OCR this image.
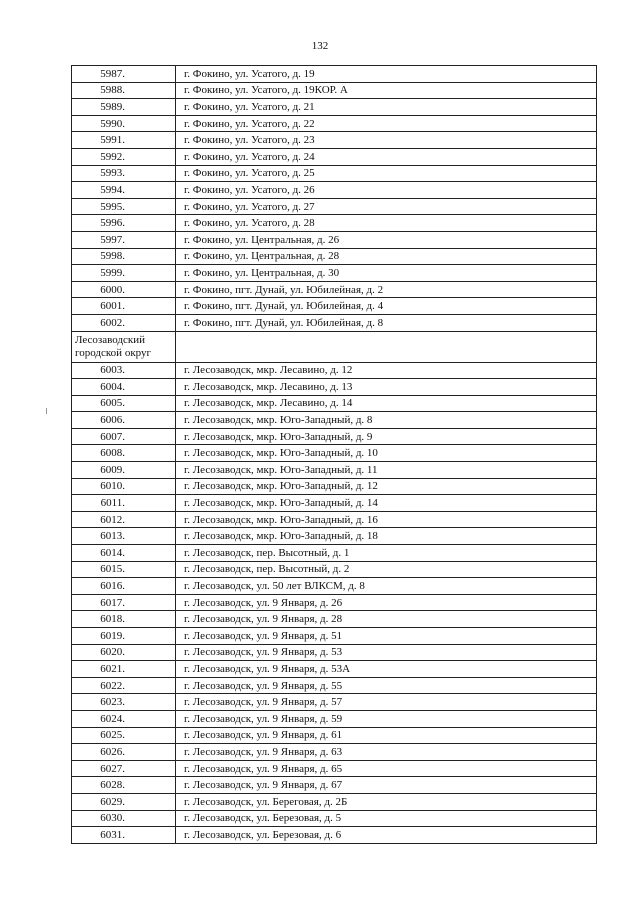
132
5987.	г. Фокино, ул. Усатого, д. 19
5988.	г. Фокино, ул. Усатого, д. 19КОР. А
5989.	г. Фокино, ул. Усатого, д. 21
5990.	г. Фокино, ул. Усатого, д. 22
5991.	г. Фокино, ул. Усатого, д. 23
5992.	г. Фокино, ул. Усатого, д. 24
5993.	г. Фокино, ул. Усатого, д. 25
5994.	г. Фокино, ул. Усатого, д. 26
5995.	г. Фокино, ул. Усатого, д. 27
5996.	г. Фокино, ул. Усатого, д. 28
5997.	г. Фокино, ул. Центральная, д. 26
5998.	г. Фокино, ул. Центральная, д. 28
5999.	г. Фокино, ул. Центральная, д. 30
6000.	г. Фокино, пгт. Дунай, ул. Юбилейная, д. 2
6001.	г. Фокино, пгт. Дунай, ул. Юбилейная, д. 4
6002.	г. Фокино, пгт. Дунай, ул. Юбилейная, д. 8
Лесозаводский городской округ	
6003.	г. Лесозаводск, мкр. Лесавино, д. 12
6004.	г. Лесозаводск, мкр. Лесавино, д. 13
6005.	г. Лесозаводск, мкр. Лесавино, д. 14
6006.	г. Лесозаводск, мкр. Юго-Западный, д. 8
6007.	г. Лесозаводск, мкр. Юго-Западный, д. 9
6008.	г. Лесозаводск, мкр. Юго-Западный, д. 10
6009.	г. Лесозаводск, мкр. Юго-Западный, д. 11
6010.	г. Лесозаводск, мкр. Юго-Западный, д. 12
6011.	г. Лесозаводск, мкр. Юго-Западный, д. 14
6012.	г. Лесозаводск, мкр. Юго-Западный, д. 16
6013.	г. Лесозаводск, мкр. Юго-Западный, д. 18
6014.	г. Лесозаводск, пер. Высотный, д. 1
6015.	г. Лесозаводск, пер. Высотный, д. 2
6016.	г. Лесозаводск, ул. 50 лет ВЛКСМ, д. 8
6017.	г. Лесозаводск, ул. 9 Января, д. 26
6018.	г. Лесозаводск, ул. 9 Января, д. 28
6019.	г. Лесозаводск, ул. 9 Января, д. 51
6020.	г. Лесозаводск, ул. 9 Января, д. 53
6021.	г. Лесозаводск, ул. 9 Января, д. 53А
6022.	г. Лесозаводск, ул. 9 Января, д. 55
6023.	г. Лесозаводск, ул. 9 Января, д. 57
6024.	г. Лесозаводск, ул. 9 Января, д. 59
6025.	г. Лесозаводск, ул. 9 Января, д. 61
6026.	г. Лесозаводск, ул. 9 Января, д. 63
6027.	г. Лесозаводск, ул. 9 Января, д. 65
6028.	г. Лесозаводск, ул. 9 Января, д. 67
6029.	г. Лесозаводск, ул. Береговая, д. 2Б
6030.	г. Лесозаводск, ул. Березовая, д. 5
6031.	г. Лесозаводск, ул. Березовая, д. 6
